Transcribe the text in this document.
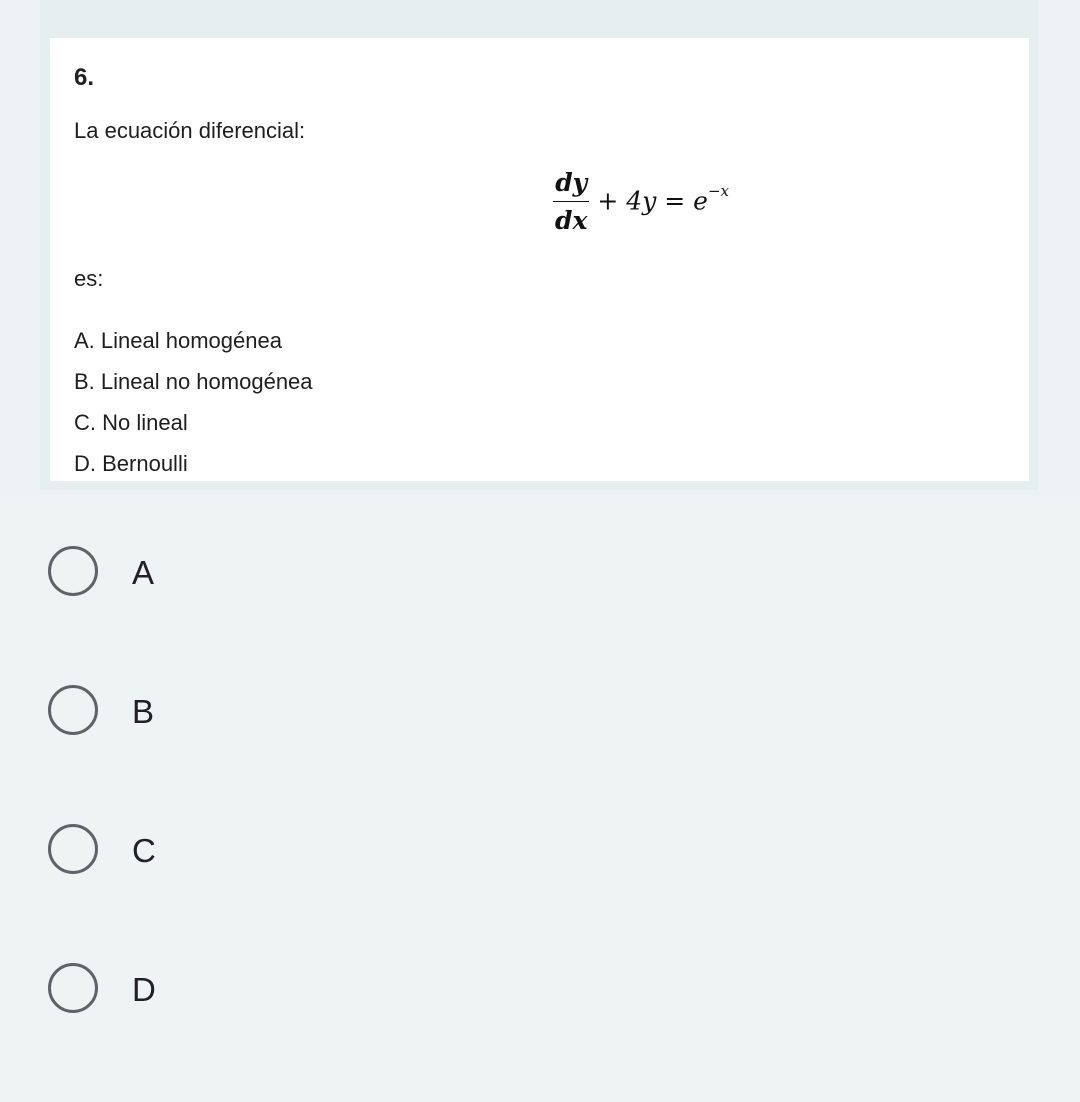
6.

La ecuación diferencial:

$\frac{dy}{dx} + 4y = e^{-x}$

es:

A. Lineal homogénea
B. Lineal no homogénea
C. No lineal
D. Bernoulli
A
B
C
D
